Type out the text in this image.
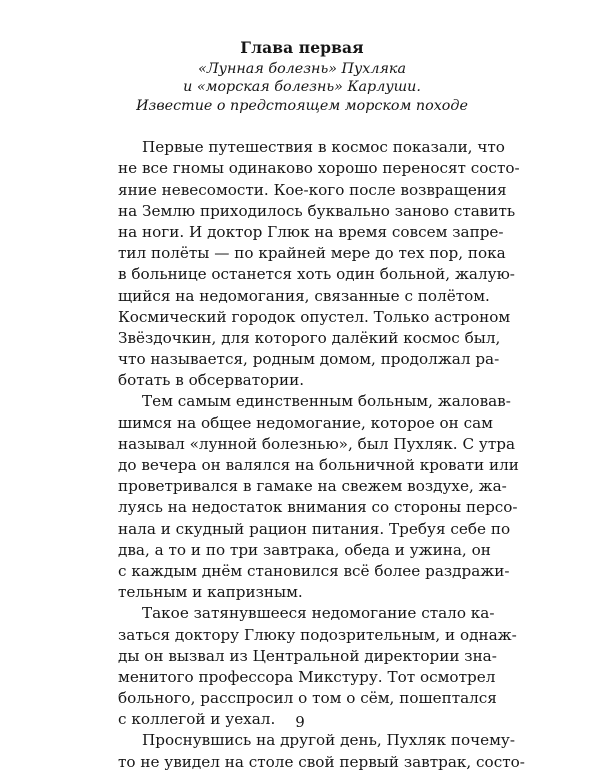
Глава первая
«Лунная болезнь» Пухляка
и «морская болезнь» Карлуши.
Известие о предстоящем морском походе
Первые путешествия в космос показали, что
не все гномы одинаково хорошо переносят состо-
яние невесомости. Кое-кого после возвращения
на Землю приходилось буквально заново ставить
на ноги. И доктор Глюк на время совсем запре-
тил полёты — по крайней мере до тех пор, пока
в больнице останется хоть один больной, жалую-
щийся на недомогания, связанные с полётом.
Космический городок опустел. Только астроном
Звёздочкин, для которого далёкий космос был,
что называется, родным домом, продолжал ра-
ботать в обсерватории.
Тем самым единственным больным, жаловав-
шимся на общее недомогание, которое он сам
называл «лунной болезнью», был Пухляк. С утра
до вечера он валялся на больничной кровати или
проветривался в гамаке на свежем воздухе, жа-
луясь на недостаток внимания со стороны персо-
нала и скудный рацион питания. Требуя себе по
два, а то и по три завтрака, обеда и ужина, он
с каждым днём становился всё более раздражи-
тельным и капризным.
Такое затянувшееся недомогание стало ка-
заться доктору Глюку подозрительным, и однаж-
ды он вызвал из Центральной директории зна-
менитого профессора Микстуру. Тот осмотрел
больного, расспросил о том о сём, пошептался
с коллегой и уехал.
Проснувшись на другой день, Пухляк почему-
то не увидел на столе свой первый завтрак, состо-
9
